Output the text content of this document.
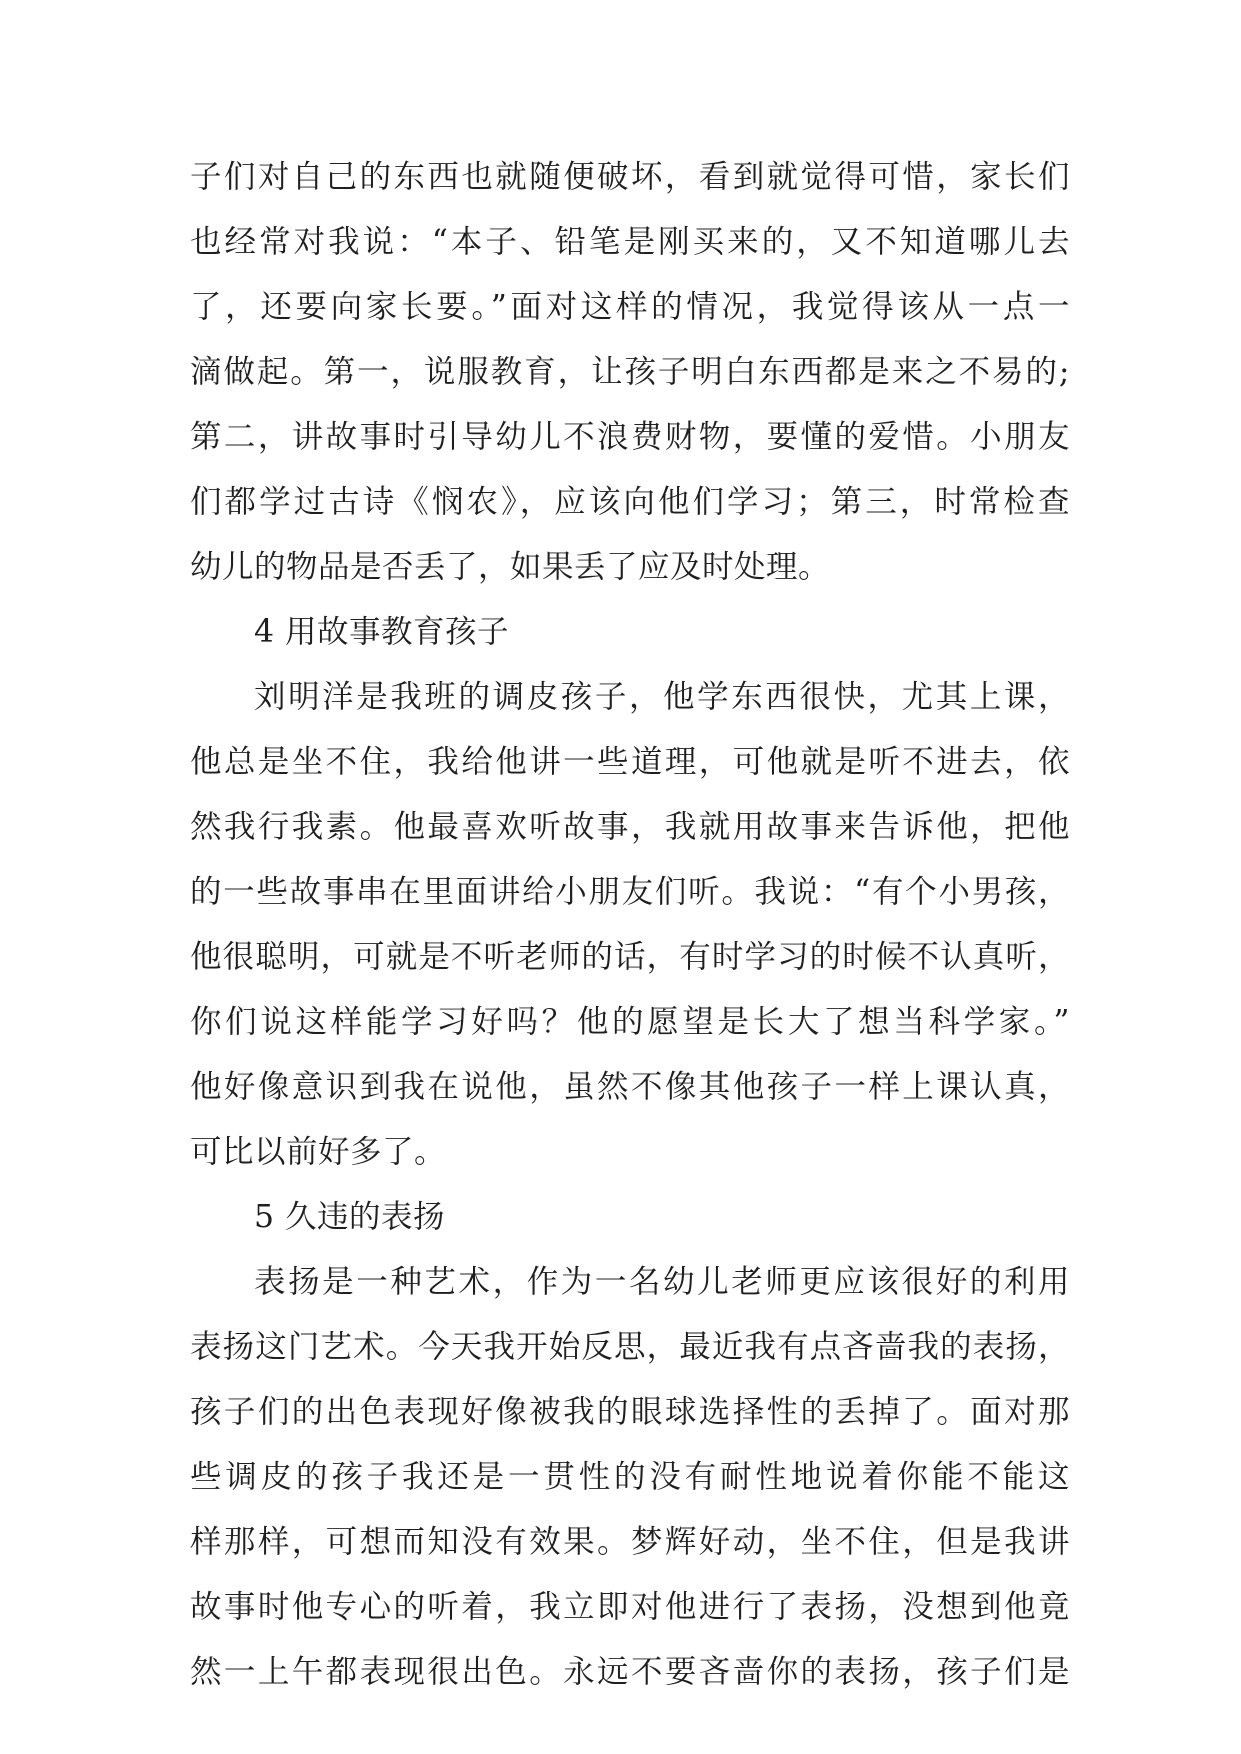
子们对自己的东西也就随便破坏，看到就觉得可惜，家长们
也经常对我说：“本子、铅笔是刚买来的，又不知道哪儿去
了，还要向家长要。”面对这样的情况，我觉得该从一点一
滴做起。第一，说服教育，让孩子明白东西都是来之不易的;
第二，讲故事时引导幼儿不浪费财物，要懂的爱惜。小朋友
们都学过古诗《悯农》，应该向他们学习；第三，时常检查
幼儿的物品是否丢了，如果丢了应及时处理。
4 用故事教育孩子
刘明洋是我班的调皮孩子，他学东西很快，尤其上课，
他总是坐不住，我给他讲一些道理，可他就是听不进去，依
然我行我素。他最喜欢听故事，我就用故事来告诉他，把他
的一些故事串在里面讲给小朋友们听。我说：“有个小男孩，
他很聪明，可就是不听老师的话，有时学习的时候不认真听，
你们说这样能学习好吗？他的愿望是长大了想当科学家。”
他好像意识到我在说他，虽然不像其他孩子一样上课认真，
可比以前好多了。
5 久违的表扬
表扬是一种艺术，作为一名幼儿老师更应该很好的利用
表扬这门艺术。今天我开始反思，最近我有点吝啬我的表扬，
孩子们的出色表现好像被我的眼球选择性的丢掉了。面对那
些调皮的孩子我还是一贯性的没有耐性地说着你能不能这
样那样，可想而知没有效果。梦辉好动，坐不住，但是我讲
故事时他专心的听着，我立即对他进行了表扬，没想到他竟
然一上午都表现很出色。永远不要吝啬你的表扬，孩子们是
